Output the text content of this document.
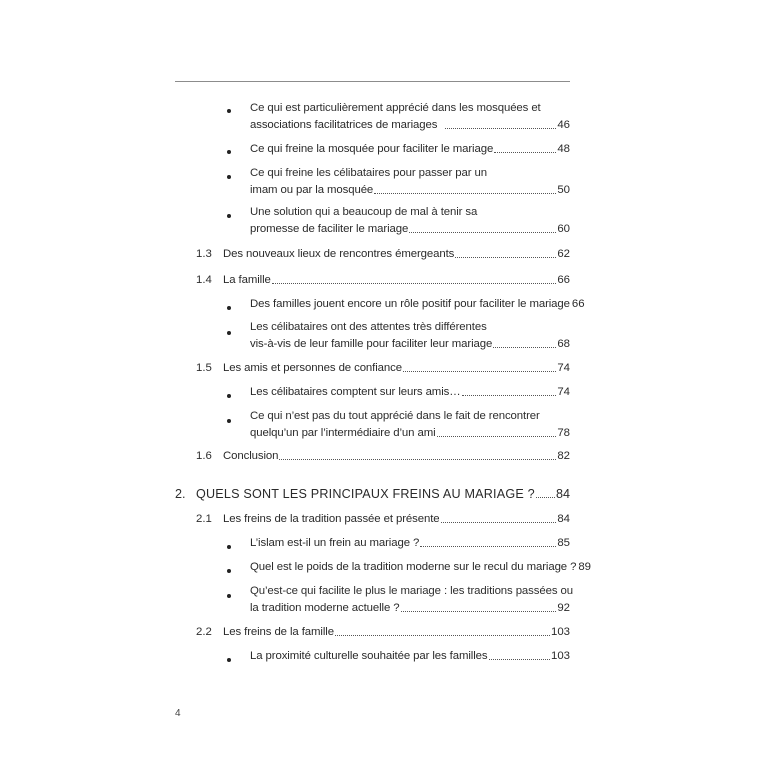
Ce qui est particulièrement apprécié dans les mosquées et
associations facilitatrices de mariages	46
Ce qui freine la mosquée pour faciliter le mariage	48
Ce qui freine les célibataires pour passer par un
imam ou par la mosquée	50
Une solution qui a beaucoup de mal à tenir sa
promesse de faciliter le mariage	60
1.3 Des nouveaux lieux de rencontres émergeants	62
1.4 La famille	66
Des familles jouent encore un rôle positif pour faciliter le mariage 66
Les célibataires ont des attentes très différentes
vis-à-vis de leur famille pour faciliter leur mariage	68
1.5 Les amis et personnes de confiance	74
Les célibataires comptent sur leurs amis…	74
Ce qui n’est pas du tout apprécié dans le fait de rencontrer
quelqu’un par l’intermédiaire d’un ami	78
1.6 Conclusion	82
2. QUELS SONT LES PRINCIPAUX FREINS AU MARIAGE ? 84
2.1 Les freins de la tradition passée et présente	84
L’islam est-il un frein au mariage ?	85
Quel est le poids de la tradition moderne sur le recul du mariage ? 89
Qu’est-ce qui facilite le plus le mariage : les traditions passées ou
la tradition moderne actuelle ?	92
2.2 Les freins de la famille	103
La proximité culturelle souhaitée par les familles	103
4
